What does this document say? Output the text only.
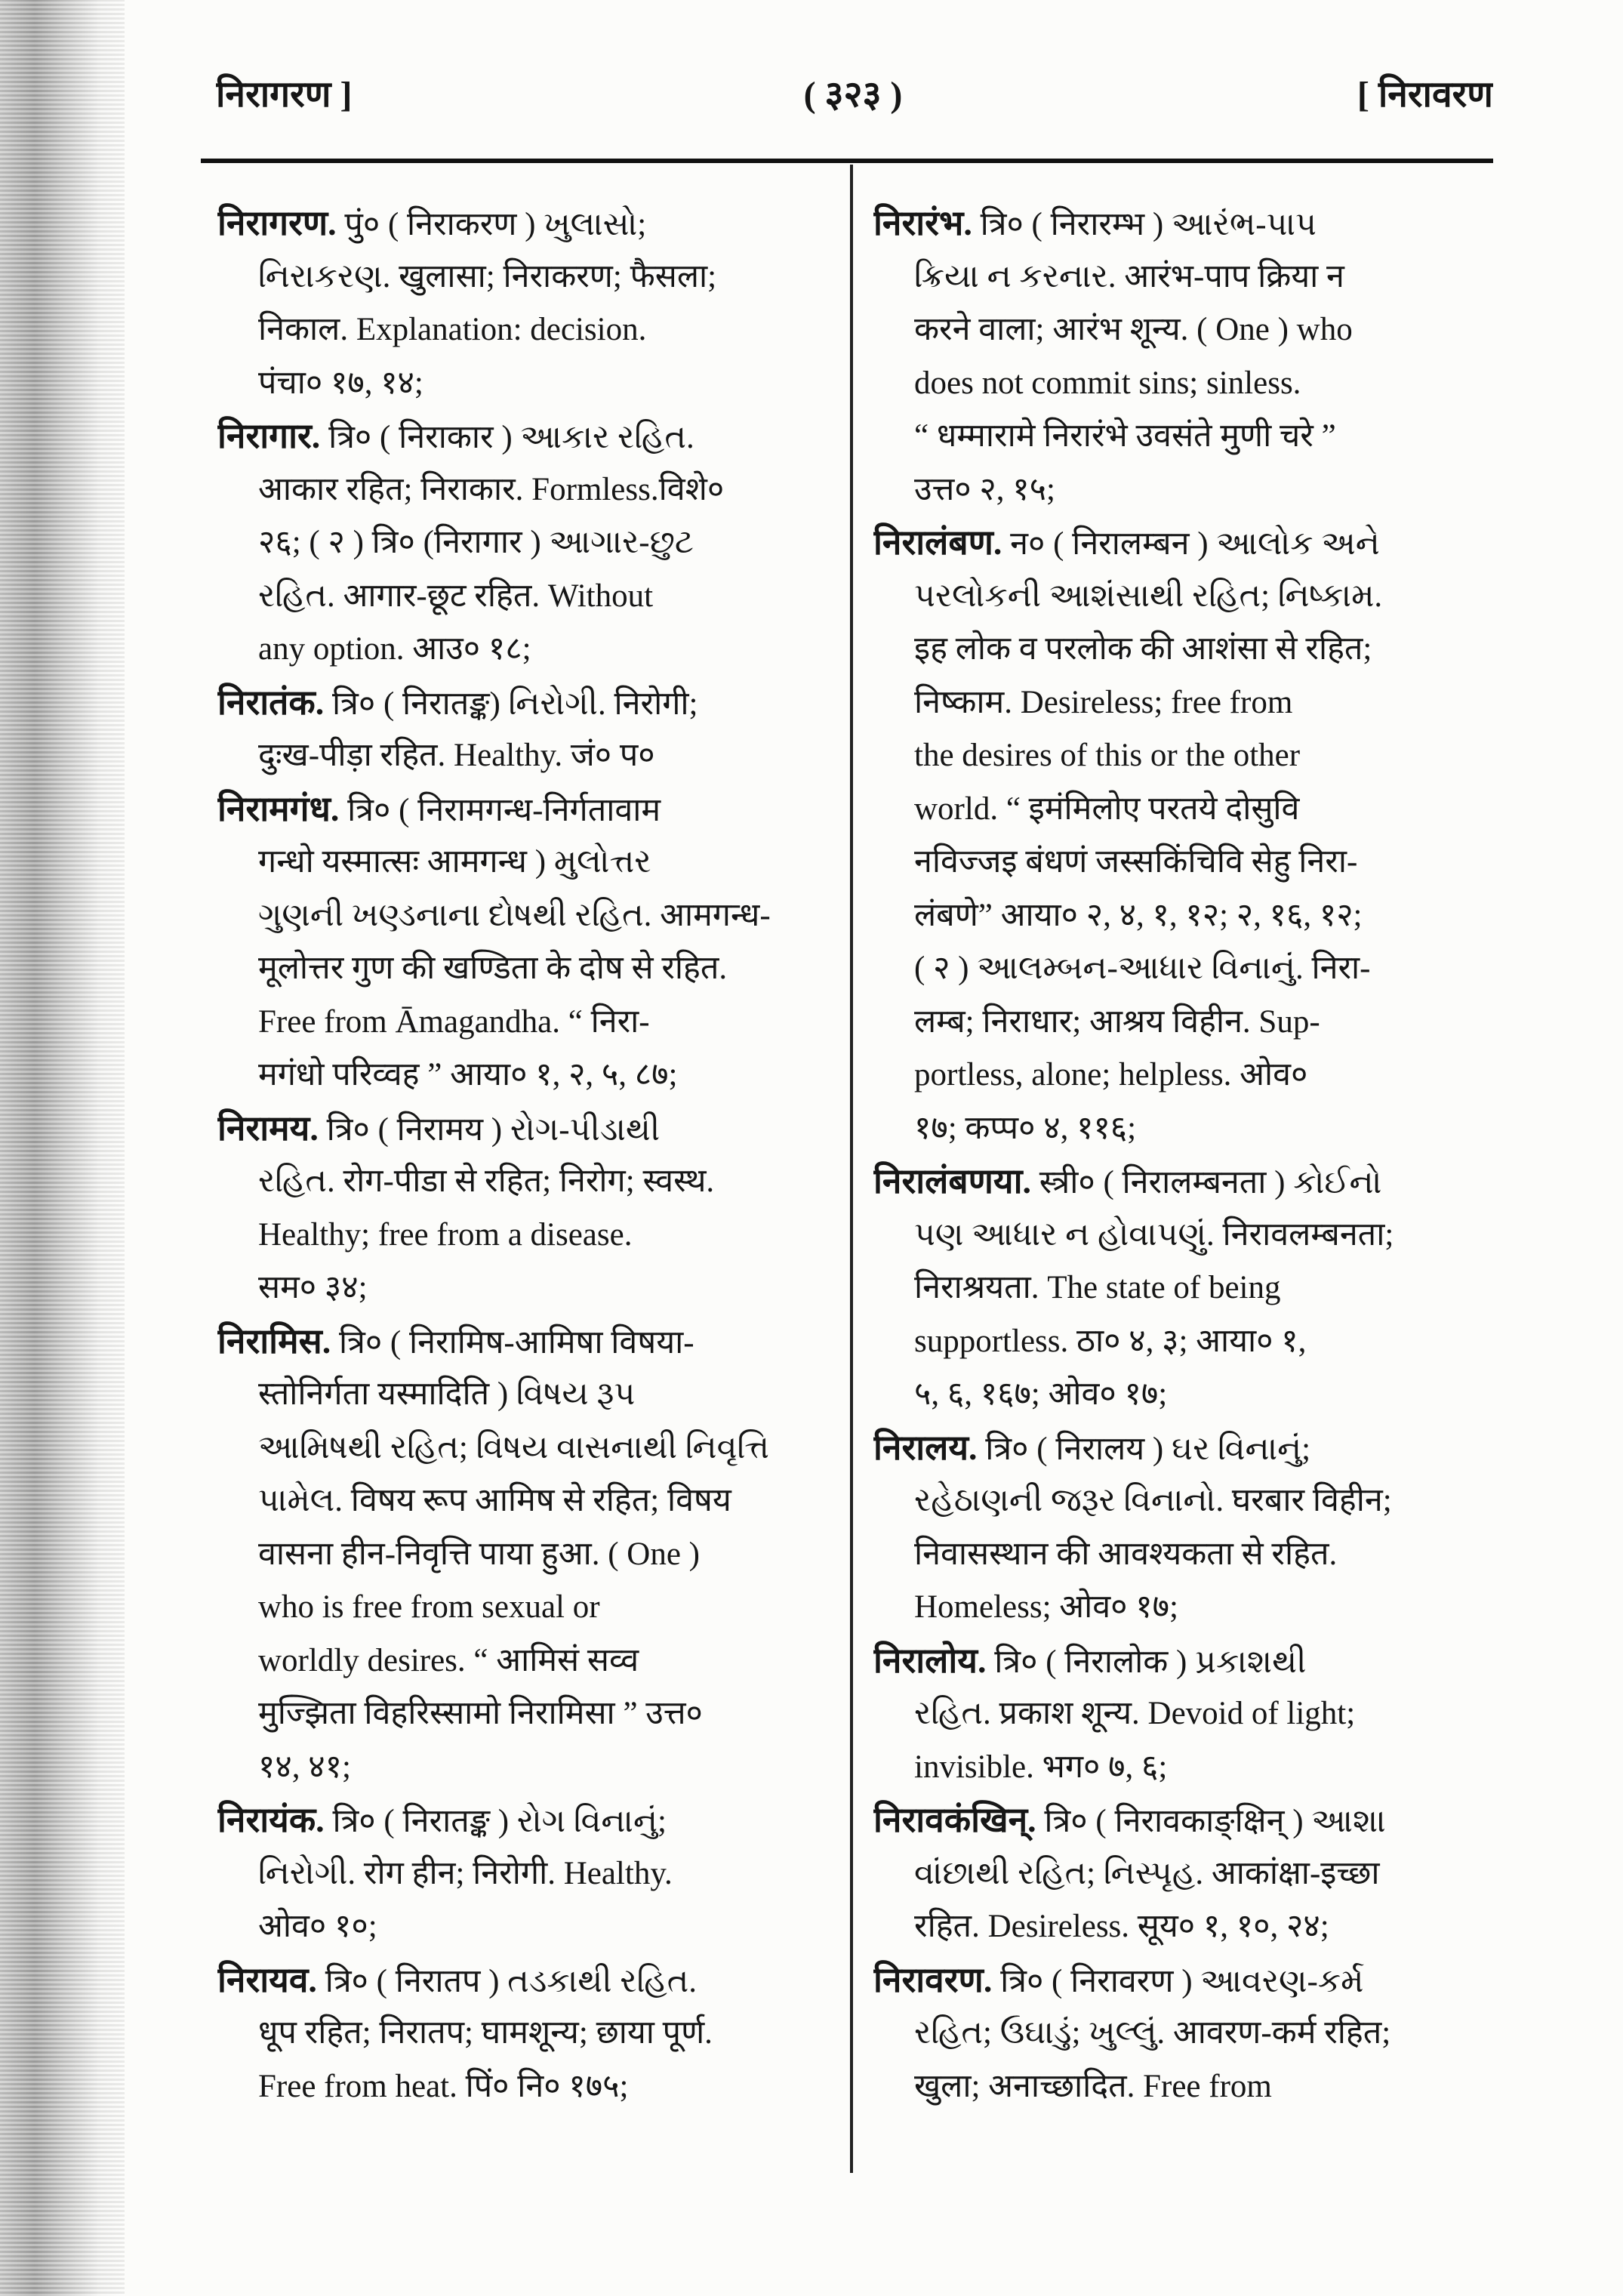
निरागरण ]	( ३२३ )	[ निरावरण
निरागरण. पुं० ( निराकरण ) ખુલાસો;
નિરાકરણ. खुलासा; निराकरण; फैसला;
निकाल. Explanation: decision.
पंचा० १७, १४;
निरागार. त्रि० ( निराकार ) આકાર રહિત.
आकार रहित; निराकार. Formless.विशे०
२६; ( २ ) त्रि० (निरागार ) આગાર-છુટ
રહિત. आगार-छूट रहित. Without
any option. आउ० १८;
निरातंक. त्रि० ( निरातङ्क) નિરોગી. निरोगी;
दुःख-पीड़ा रहित. Healthy. जं० प०
निरामगंध. त्रि० ( निरामगन्ध-निर्गतावाम
गन्धो यस्मात्सः आमगन्ध ) મુલોત્તર
ગુણની ખણ્ડનાના દોષથી રહિત. आमगन्ध-
मूलोत्तर गुण की खण्डिता के दोष से रहित.
Free from Āmagandha. “ निरा-
मगंधो परिव्वह ” आया० १, २, ५, ८७;
निरामय. त्रि० ( निरामय ) રોગ-પીડાથી
રહિત. रोग-पीडा से रहित; निरोग; स्वस्थ.
Healthy; free from a disease.
सम० ३४;
निरामिस. त्रि० ( निरामिष-आमिषा विषया-
स्तोनिर्गता यस्मादिति ) વિષય રૂપ
આમિષથી રહિત; વિષય વાસનાથી નિવૃત્તિ
પામેલ. विषय रूप आमिष से रहित; विषय
वासना हीन-निवृत्ति पाया हुआ. ( One )
who is free from sexual or
worldly desires. “ आमिसं सव्व
मुज्झिता विहरिस्सामो निरामिसा ” उत्त०
१४, ४१;
निरायंक. त्रि० ( निरातङ्क ) રોગ વિનાનું;
નિરોગી. रोग हीन; निरोगी. Healthy.
ओव० १०;
निरायव. त्रि० ( निरातप ) તડકાથી રહિત.
धूप रहित; निरातप; घामशून्य; छाया पूर्ण.
Free from heat. पिं० नि० १७५;
निरारंभ. त्रि० ( निरारम्भ ) આરંભ-પાપ
ક્રિયા ન કરનાર. आरंभ-पाप क्रिया न
करने वाला; आरंभ शून्य. ( One ) who
does not commit sins; sinless.
“ धम्मारामे निरारंभे उवसंते मुणी चरे ”
उत्त० २, १५;
निरालंबण. न० ( निरालम्बन ) આલોક અને
પરલોકની આશંસાથી રહિત; નિષ્કામ.
इह लोक व परलोक की आशंसा से रहित;
निष्काम. Desireless; free from
the desires of this or the other
world. “ इमंमिलोए परतये दोसुवि
नविज्जइ बंधणं जस्सकिंचिवि सेहु निरा-
लंबणे” आया० २, ४, १, १२; २, १६, १२;
( २ ) આલમ્બન-આધાર વિનાનું. निरा-
लम्ब; निराधार; आश्रय विहीन. Sup-
portless, alone; helpless. ओव०
१७; कप्प० ४, ११६;
निरालंबणया. स्त्री० ( निरालम्बनता ) કોઈનો
પણ આધાર ન હોવાપણું. निरावलम्बनता;
निराश्रयता. The state of being
supportless. ठा० ४, ३; आया० १,
५, ६, १६७; ओव० १७;
निरालय. त्रि० ( निरालय ) ઘર વિનાનું;
રહેઠાણની જરૂર વિનાનો. घरबार विहीन;
निवासस्थान की आवश्यकता से रहित.
Homeless; ओव० १७;
निरालोय. त्रि० ( निरालोक ) પ્રકાશથી
રહિત. प्रकाश शून्य. Devoid of light;
invisible. भग० ७, ६;
निरावकंखिन्. त्रि० ( निरावकाङ्क्षिन् ) આશા
વાંછાથી રહિત; નિસ્પૃહ. आकांक्षा-इच्छा
रहित. Desireless. सूय० १, १०, २४;
निरावरण. त्रि० ( निरावरण ) આવરણ-કર્મ
રહિત; ઉઘાડું; ખુલ્લું. आवरण-कर्म रहित;
खुला; अनाच्छादित. Free from
